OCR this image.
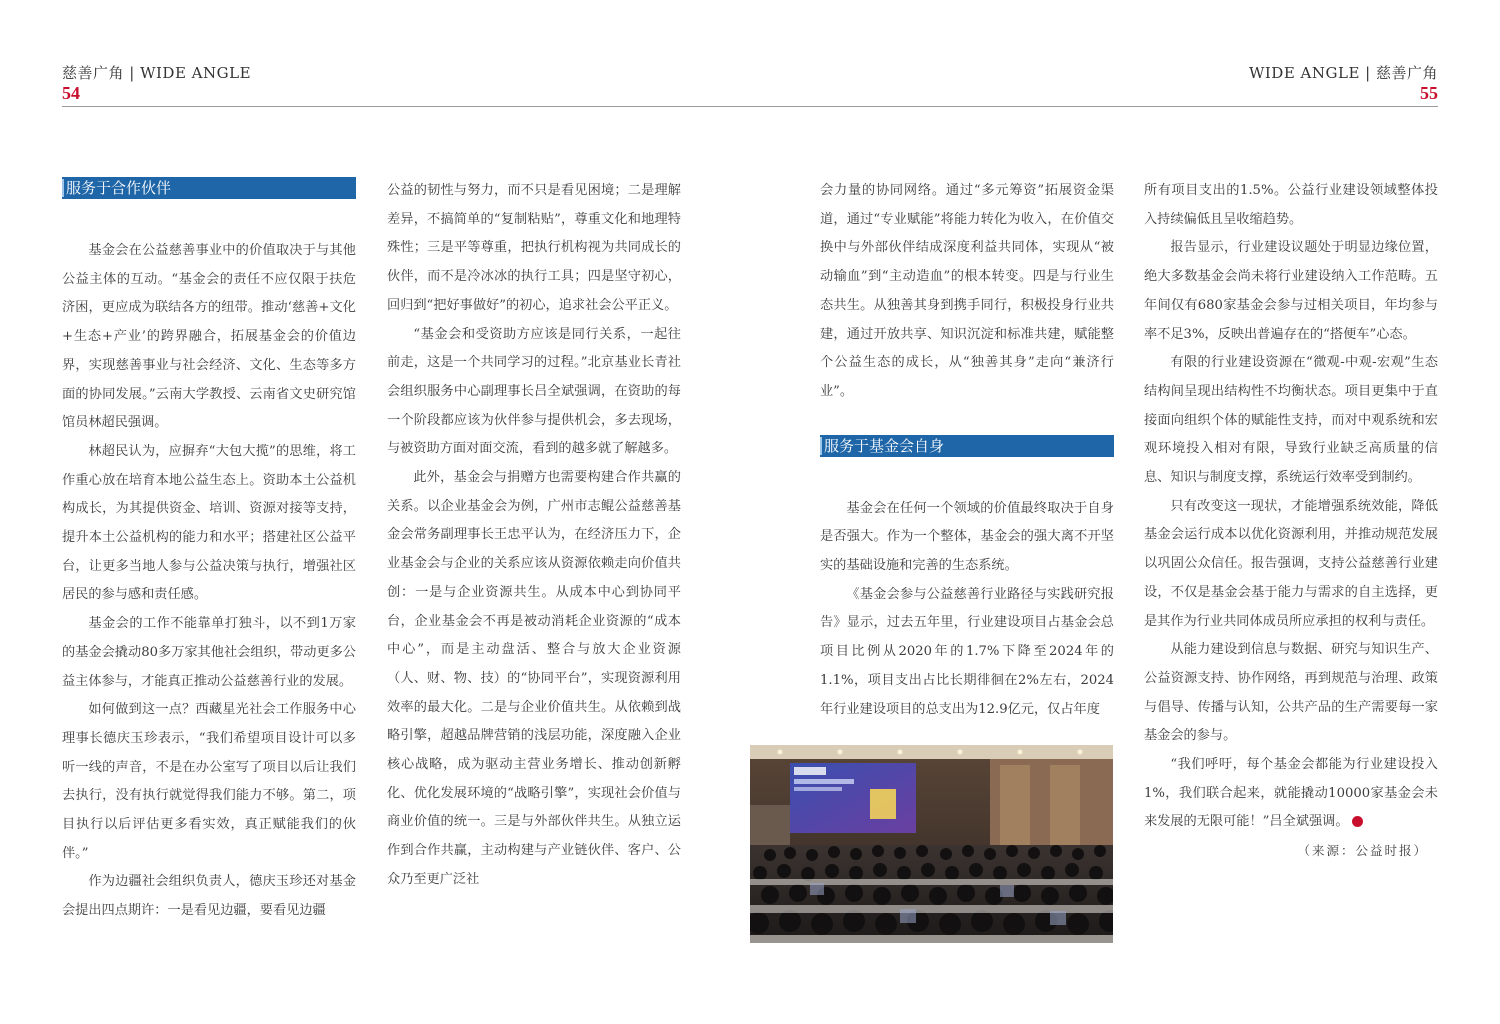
慈善广角 | WIDE ANGLE
54
WIDE ANGLE | 慈善广角
55
服务于合作伙伴

基金会在公益慈善事业中的价值取决于与其他公益主体的互动。“基金会的责任不应仅限于扶危济困，更应成为联结各方的纽带。推动‘慈善+文化+生态+产业’的跨界融合，拓展基金会的价值边界，实现慈善事业与社会经济、文化、生态等多方面的协同发展。”云南大学教授、云南省文史研究馆馆员林超民强调。

林超民认为，应摒弃“大包大揽”的思维，将工作重心放在培育本地公益生态上。资助本土公益机构成长，为其提供资金、培训、资源对接等支持，提升本土公益机构的能力和水平；搭建社区公益平台，让更多当地人参与公益决策与执行，增强社区居民的参与感和责任感。

基金会的工作不能靠单打独斗，以不到1万家的基金会撬动80多万家其他社会组织，带动更多公益主体参与，才能真正推动公益慈善行业的发展。

如何做到这一点？西藏星光社会工作服务中心理事长德庆玉珍表示，“我们希望项目设计可以多听一线的声音，不是在办公室写了项目以后让我们去执行，没有执行就觉得我们能力不够。第二，项目执行以后评估更多看实效，真正赋能我们的伙伴。”

作为边疆社会组织负责人，德庆玉珍还对基金会提出四点期许：一是看见边疆，要看见边疆

公益的韧性与努力，而不只是看见困境；二是理解差异，不搞简单的“复制粘贴”，尊重文化和地理特殊性；三是平等尊重，把执行机构视为共同成长的伙伴，而不是冷冰冰的执行工具；四是坚守初心，回归到“把好事做好”的初心，追求社会公平正义。

“基金会和受资助方应该是同行关系，一起往前走，这是一个共同学习的过程。”北京基业长青社会组织服务中心副理事长吕全斌强调，在资助的每一个阶段都应该为伙伴参与提供机会，多去现场，与被资助方面对面交流，看到的越多就了解越多。

此外，基金会与捐赠方也需要构建合作共赢的关系。以企业基金会为例，广州市志鲲公益慈善基金会常务副理事长王忠平认为，在经济压力下，企业基金会与企业的关系应该从资源依赖走向价值共创：一是与企业资源共生。从成本中心到协同平台，企业基金会不再是被动消耗企业资源的“成本中心”，而是主动盘活、整合与放大企业资源（人、财、物、技）的“协同平台”，实现资源利用效率的最大化。二是与企业价值共生。从依赖到战略引擎，超越品牌营销的浅层功能，深度融入企业核心战略，成为驱动主营业务增长、推动创新孵化、优化发展环境的“战略引擎”，实现社会价值与商业价值的统一。三是与外部伙伴共生。从独立运作到合作共赢，主动构建与产业链伙伴、客户、公众乃至更广泛社

会力量的协同网络。通过“多元筹资”拓展资金渠道，通过“专业赋能”将能力转化为收入，在价值交换中与外部伙伴结成深度利益共同体，实现从“被动输血”到“主动造血”的根本转变。四是与行业生态共生。从独善其身到携手同行，积极投身行业共建，通过开放共享、知识沉淀和标准共建，赋能整个公益生态的成长，从“独善其身”走向“兼济行业”。

服务于基金会自身

基金会在任何一个领域的价值最终取决于自身是否强大。作为一个整体，基金会的强大离不开坚实的基础设施和完善的生态系统。

《基金会参与公益慈善行业路径与实践研究报告》显示，过去五年里，行业建设项目占基金会总项目比例从2020年的1.7%下降至2024年的1.1%，项目支出占比长期徘徊在2%左右，2024年行业建设项目的总支出为12.9亿元，仅占年度

所有项目支出的1.5%。公益行业建设领域整体投入持续偏低且呈收缩趋势。

报告显示，行业建设议题处于明显边缘位置，绝大多数基金会尚未将行业建设纳入工作范畴。五年间仅有680家基金会参与过相关项目，年均参与率不足3%，反映出普遍存在的“搭便车”心态。

有限的行业建设资源在“微观-中观-宏观”生态结构间呈现出结构性不均衡状态。项目更集中于直接面向组织个体的赋能性支持，而对中观系统和宏观环境投入相对有限，导致行业缺乏高质量的信息、知识与制度支撑，系统运行效率受到制约。

只有改变这一现状，才能增强系统效能，降低基金会运行成本以优化资源利用，并推动规范发展以巩固公众信任。报告强调，支持公益慈善行业建设，不仅是基金会基于能力与需求的自主选择，更是其作为行业共同体成员所应承担的权利与责任。

从能力建设到信息与数据、研究与知识生产、公益资源支持、协作网络，再到规范与治理、政策与倡导、传播与认知，公共产品的生产需要每一家基金会的参与。

“我们呼吁，每个基金会都能为行业建设投入1%，我们联合起来，就能撬动10000家基金会未来发展的无限可能！”吕全斌强调。

（来源：公益时报）
